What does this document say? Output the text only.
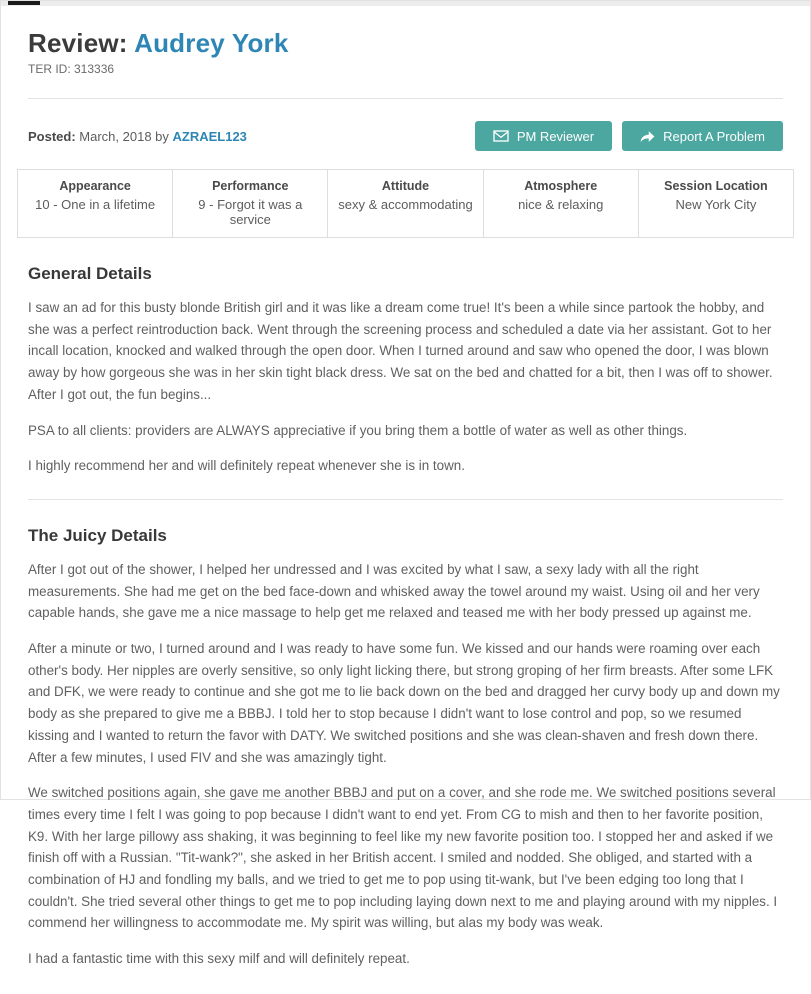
Review: Audrey York
TER ID: 313336
Posted: March, 2018 by AZRAEL123	PM Reviewer	Report A Problem
Appearance
10 - One in a lifetime
Performance
9 - Forgot it was a service
Attitude
sexy & accommodating
Atmosphere
nice & relaxing
Session Location
New York City
General Details

I saw an ad for this busty blonde British girl and it was like a dream come true! It's been a while since partook the hobby, and she was a perfect reintroduction back. Went through the screening process and scheduled a date via her assistant. Got to her incall location, knocked and walked through the open door. When I turned around and saw who opened the door, I was blown away by how gorgeous she was in her skin tight black dress. We sat on the bed and chatted for a bit, then I was off to shower. After I got out, the fun begins...

PSA to all clients: providers are ALWAYS appreciative if you bring them a bottle of water as well as other things.

I highly recommend her and will definitely repeat whenever she is in town.

The Juicy Details

After I got out of the shower, I helped her undressed and I was excited by what I saw, a sexy lady with all the right measurements. She had me get on the bed face-down and whisked away the towel around my waist. Using oil and her very capable hands, she gave me a nice massage to help get me relaxed and teased me with her body pressed up against me.

After a minute or two, I turned around and I was ready to have some fun. We kissed and our hands were roaming over each other's body. Her nipples are overly sensitive, so only light licking there, but strong groping of her firm breasts. After some LFK and DFK, we were ready to continue and she got me to lie back down on the bed and dragged her curvy body up and down my body as she prepared to give me a BBBJ. I told her to stop because I didn't want to lose control and pop, so we resumed kissing and I wanted to return the favor with DATY. We switched positions and she was clean-shaven and fresh down there. After a few minutes, I used FIV and she was amazingly tight.

We switched positions again, she gave me another BBBJ and put on a cover, and she rode me. We switched positions several times every time I felt I was going to pop because I didn't want to end yet. From CG to mish and then to her favorite position, K9. With her large pillowy ass shaking, it was beginning to feel like my new favorite position too. I stopped her and asked if we finish off with a Russian. "Tit-wank?", she asked in her British accent. I smiled and nodded. She obliged, and started with a combination of HJ and fondling my balls, and we tried to get me to pop using tit-wank, but I've been edging too long that I couldn't. She tried several other things to get me to pop including laying down next to me and playing around with my nipples. I commend her willingness to accommodate me. My spirit was willing, but alas my body was weak.

I had a fantastic time with this sexy milf and will definitely repeat.
